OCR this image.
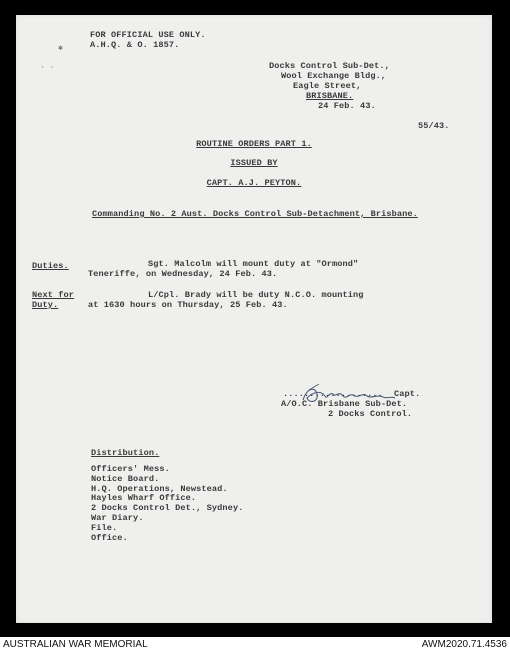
✱
· ·
FOR OFFICIAL USE ONLY.
A.H.Q. & O. 1857.
Docks Control Sub-Det.,
Wool Exchange Bldg.,
Eagle Street,
BRISBANE.
24 Feb. 43.
55/43.
ROUTINE ORDERS PART 1.
ISSUED BY
CAPT. A.J. PEYTON.
Commanding No. 2 Aust. Docks Control Sub-Detachment, Brisbane.
Duties.	Sgt. Malcolm will mount duty at "Ormond"
Teneriffe, on Wednesday, 24 Feb. 43.
Next for
Duty.
L/Cpl. Brady will be duty N.C.O. mounting
at 1630 hours on Thursday, 25 Feb. 43.
................... Capt.
A/O.C. Brisbane Sub-Det.
2 Docks Control.
Distribution.
Officers' Mess.
Notice Board.
H.Q. Operations, Newstead.
Hayles Wharf Office.
2 Docks Control Det., Sydney.
War Diary.
File.
Office.
AUSTRALIAN WAR MEMORIAL	AWM2020.71.4536
